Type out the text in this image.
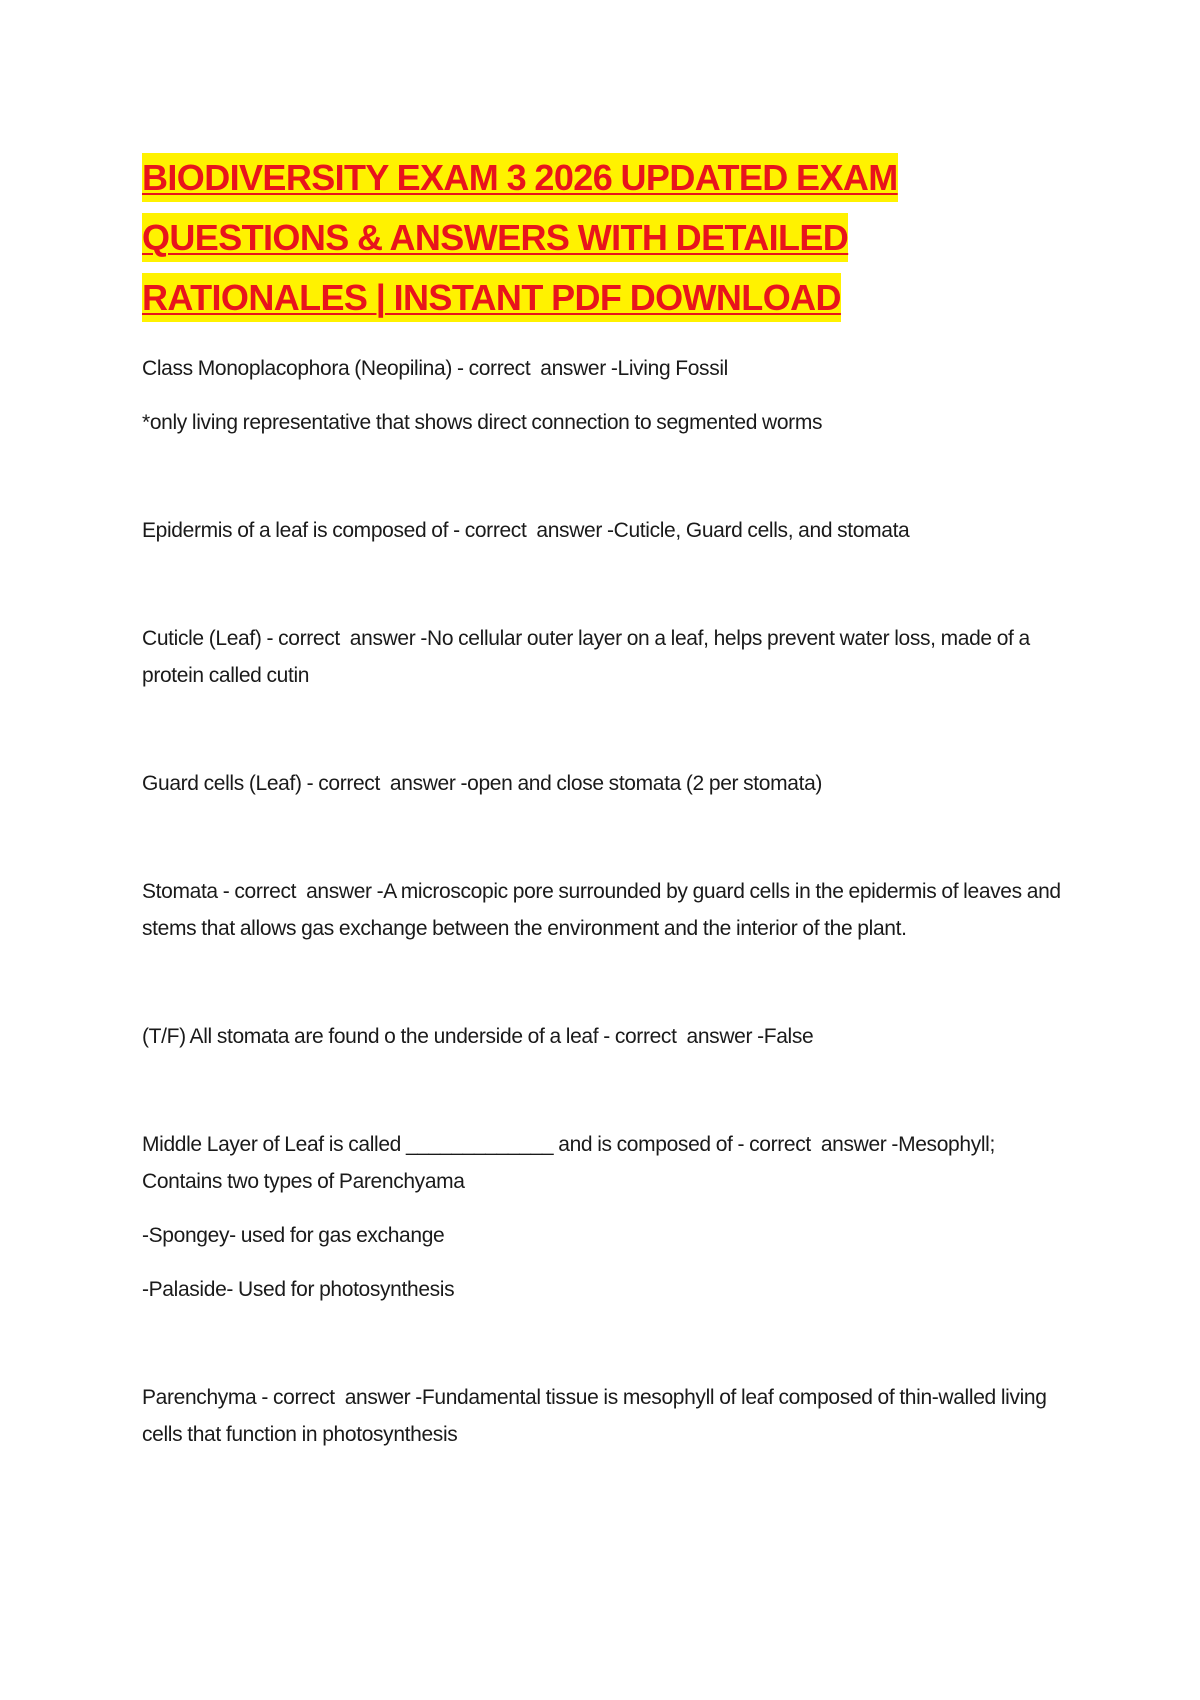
BIODIVERSITY EXAM 3 2026 UPDATED EXAM QUESTIONS & ANSWERS WITH DETAILED RATIONALES | INSTANT PDF DOWNLOAD

Class Monoplacophora (Neopilina) - correct  answer -Living Fossil

*only living representative that shows direct connection to segmented worms

Epidermis of a leaf is composed of - correct  answer -Cuticle, Guard cells, and stomata

Cuticle (Leaf) - correct  answer -No cellular outer layer on a leaf, helps prevent water loss, made of a protein called cutin

Guard cells (Leaf) - correct  answer -open and close stomata (2 per stomata)

Stomata - correct  answer -A microscopic pore surrounded by guard cells in the epidermis of leaves and stems that allows gas exchange between the environment and the interior of the plant.

(T/F) All stomata are found o the underside of a leaf - correct  answer -False

Middle Layer of Leaf is called _____________ and is composed of - correct  answer -Mesophyll; Contains two types of Parenchyama

-Spongey- used for gas exchange

-Palaside- Used for photosynthesis

Parenchyma - correct  answer -Fundamental tissue is mesophyll of leaf composed of thin-walled living cells that function in photosynthesis
